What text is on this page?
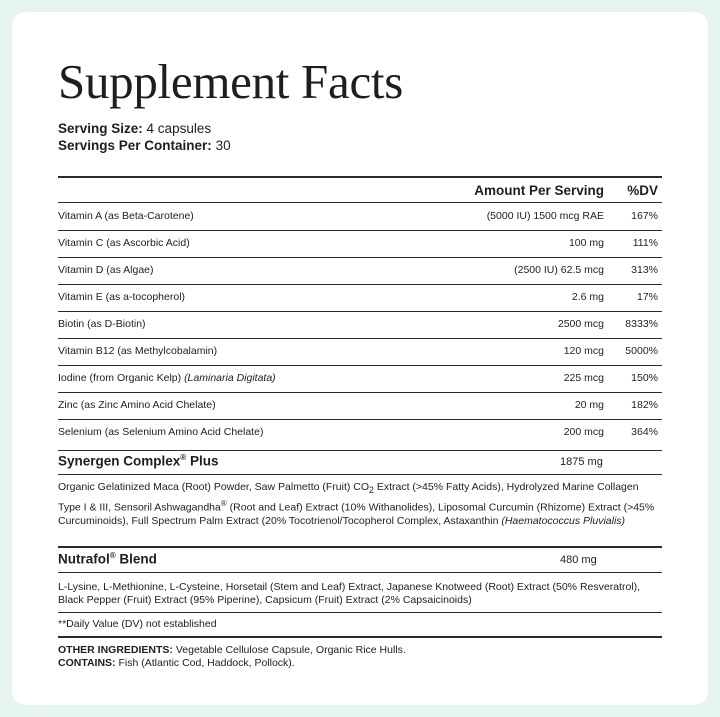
Supplement Facts
Serving Size: 4 capsules
Servings Per Container: 30
Amount Per Serving %DV
Vitamin A (as Beta-Carotene)	(5000 IU) 1500 mcg RAE	167%
Vitamin C (as Ascorbic Acid)	100 mg	111%
Vitamin D (as Algae)	(2500 IU) 62.5 mcg	313%
Vitamin E (as a-tocopherol)	2.6 mg	17%
Biotin (as D-Biotin)	2500 mcg 8333%
Vitamin B12 (as Methylcobalamin)	120 mcg 5000%
Iodine (from Organic Kelp) (Laminaria Digitata)	225 mcg	150%
Zinc (as Zinc Amino Acid Chelate)	20 mg	182%
Selenium (as Selenium Amino Acid Chelate)	200 mcg	364%
Synergen Complex® Plus	1875 mg
Organic Gelatinized Maca (Root) Powder, Saw Palmetto (Fruit) $CO_2$ Extract (>45% Fatty Acids), Hydrolyzed Marine Collagen Type I & III, Sensoril Ashwagandha® (Root and Leaf) Extract (10% Withanolides), Liposomal Curcumin (Rhizome) Extract (>45% Curcuminoids), Full Spectrum Palm Extract (20% Tocotrienol/Tocopherol Complex, Astaxanthin (Haematococcus Pluvialis)
Nutrafol® Blend	480 mg
L-Lysine, L-Methionine, L-Cysteine, Horsetail (Stem and Leaf) Extract, Japanese Knotweed (Root) Extract (50% Resveratrol), Black Pepper (Fruit) Extract (95% Piperine), Capsicum (Fruit) Extract (2% Capsaicinoids)
**Daily Value (DV) not established
OTHER INGREDIENTS: Vegetable Cellulose Capsule, Organic Rice Hulls.
CONTAINS: Fish (Atlantic Cod, Haddock, Pollock).
